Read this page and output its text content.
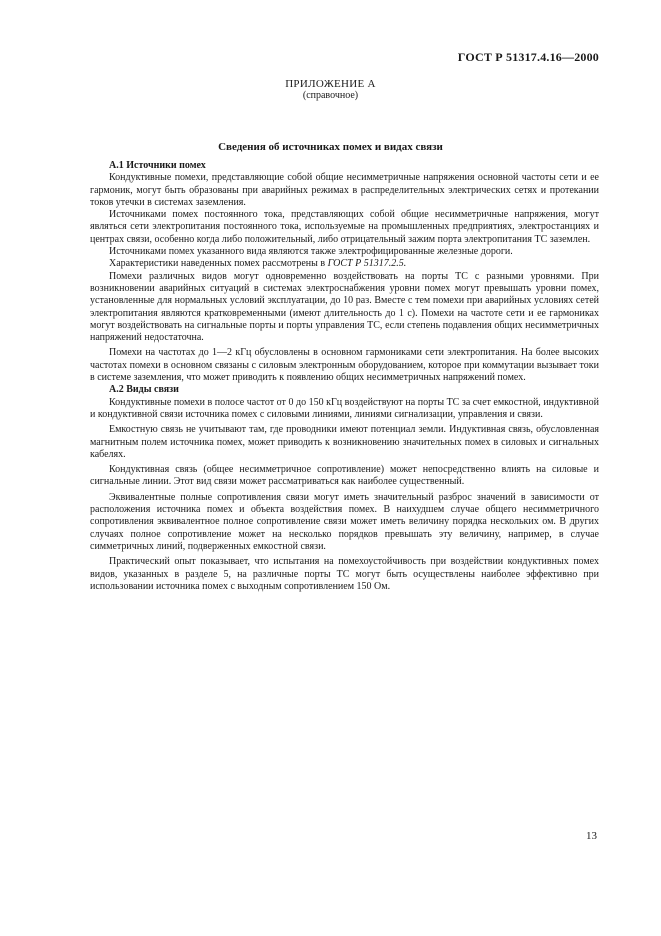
ГОСТ Р 51317.4.16—2000
ПРИЛОЖЕНИЕ А
(справочное)
Сведения об источниках помех и видах связи

А.1 Источники помех

Кондуктивные помехи, представляющие собой общие несимметричные напряжения основной частоты сети и ее гармоник, могут быть образованы при аварийных режимах в распределительных электрических сетях и протекании токов утечки в системах заземления.

Источниками помех постоянного тока, представляющих собой общие несимметричные напряжения, могут являться сети электропитания постоянного тока, используемые на промышленных предприятиях, электростанциях и центрах связи, особенно когда либо положительный, либо отрицательный зажим порта электропитания ТС заземлен.

Источниками помех указанного вида являются также электрофицированные железные дороги.

Характеристики наведенных помех рассмотрены в ГОСТ Р 51317.2.5.

Помехи различных видов могут одновременно воздействовать на порты ТС с разными уровнями. При возникновении аварийных ситуаций в системах электроснабжения уровни помех могут превышать уровни помех, установленные для нормальных условий эксплуатации, до 10 раз. Вместе с тем помехи при аварийных условиях сетей электропитания являются кратковременными (имеют длительность до 1 с). Помехи на частоте сети и ее гармониках могут воздействовать на сигнальные порты и порты управления ТС, если степень подавления общих несимметричных напряжений недостаточна.

Помехи на частотах до 1—2 кГц обусловлены в основном гармониками сети электропитания. На более высоких частотах помехи в основном связаны с силовым электронным оборудованием, которое при коммутации вызывает токи в системе заземления, что может приводить к появлению общих несимметричных напряжений помех.

А.2 Виды связи

Кондуктивные помехи в полосе частот от 0 до 150 кГц воздействуют на порты ТС за счет емкостной, индуктивной и кондуктивной связи источника помех с силовыми линиями, линиями сигнализации, управления и связи.

Емкостную связь не учитывают там, где проводники имеют потенциал земли. Индуктивная связь, обусловленная магнитным полем источника помех, может приводить к возникновению значительных помех в силовых и сигнальных кабелях.

Кондуктивная связь (общее несимметричное сопротивление) может непосредственно влиять на силовые и сигнальные линии. Этот вид связи может рассматриваться как наиболее существенный.

Эквивалентные полные сопротивления связи могут иметь значительный разброс значений в зависимости от расположения источника помех и объекта воздействия помех. В наихудшем случае общего несимметричного сопротивления эквивалентное полное сопротивление связи может иметь величину порядка нескольких ом. В других случаях полное сопротивление может на несколько порядков превышать эту величину, например, в случае симметричных линий, подверженных емкостной связи.

Практический опыт показывает, что испытания на помехоустойчивость при воздействии кондуктивных помех видов, указанных в разделе 5, на различные порты ТС могут быть осуществлены наиболее эффективно при использовании источника помех с выходным сопротивлением 150 Ом.

13
